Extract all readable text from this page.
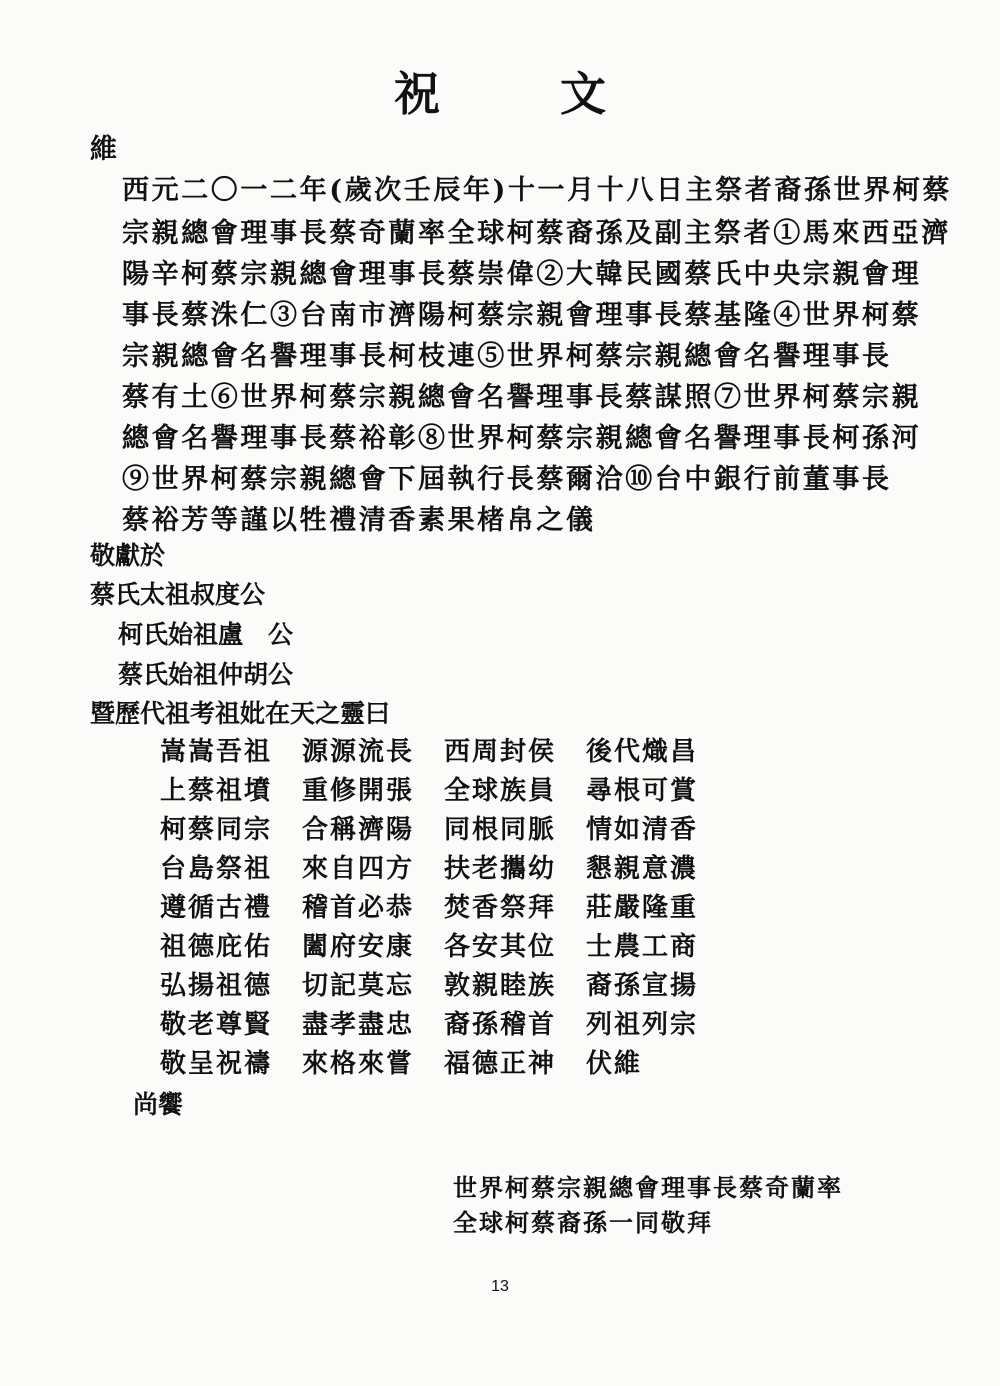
祝	文
維
西元二〇一二年(歲次壬辰年)十一月十八日主祭者裔孫世界柯蔡
宗親總會理事長蔡奇蘭率全球柯蔡裔孫及副主祭者①馬來西亞濟
陽辛柯蔡宗親總會理事長蔡崇偉②大韓民國蔡氏中央宗親會理
事長蔡洙仁③台南市濟陽柯蔡宗親會理事長蔡基隆④世界柯蔡
宗親總會名譽理事長柯枝連⑤世界柯蔡宗親總會名譽理事長
蔡有土⑥世界柯蔡宗親總會名譽理事長蔡謀照⑦世界柯蔡宗親
總會名譽理事長蔡裕彰⑧世界柯蔡宗親總會名譽理事長柯孫河
⑨世界柯蔡宗親總會下屆執行長蔡爾洽⑩台中銀行前董事長
蔡裕芳等謹以牲禮清香素果楮帛之儀
敬獻於
蔡氏太祖叔度公
柯氏始祖盧　公
蔡氏始祖仲胡公
暨歷代祖考祖妣在天之靈曰
嵩嵩吾祖 源源流長 西周封侯 後代熾昌
上蔡祖墳 重修開張 全球族員 尋根可賞
柯蔡同宗 合稱濟陽 同根同脈 情如清香
台島祭祖 來自四方 扶老攜幼 懇親意濃
遵循古禮 稽首必恭 焚香祭拜 莊嚴隆重
祖德庇佑 闔府安康 各安其位 士農工商
弘揚祖德 切記莫忘 敦親睦族 裔孫宣揚
敬老尊賢 盡孝盡忠 裔孫稽首 列祖列宗
敬呈祝禱 來格來嘗 福德正神 伏維
尚饗
世界柯蔡宗親總會理事長蔡奇蘭率
全球柯蔡裔孫一同敬拜
13
